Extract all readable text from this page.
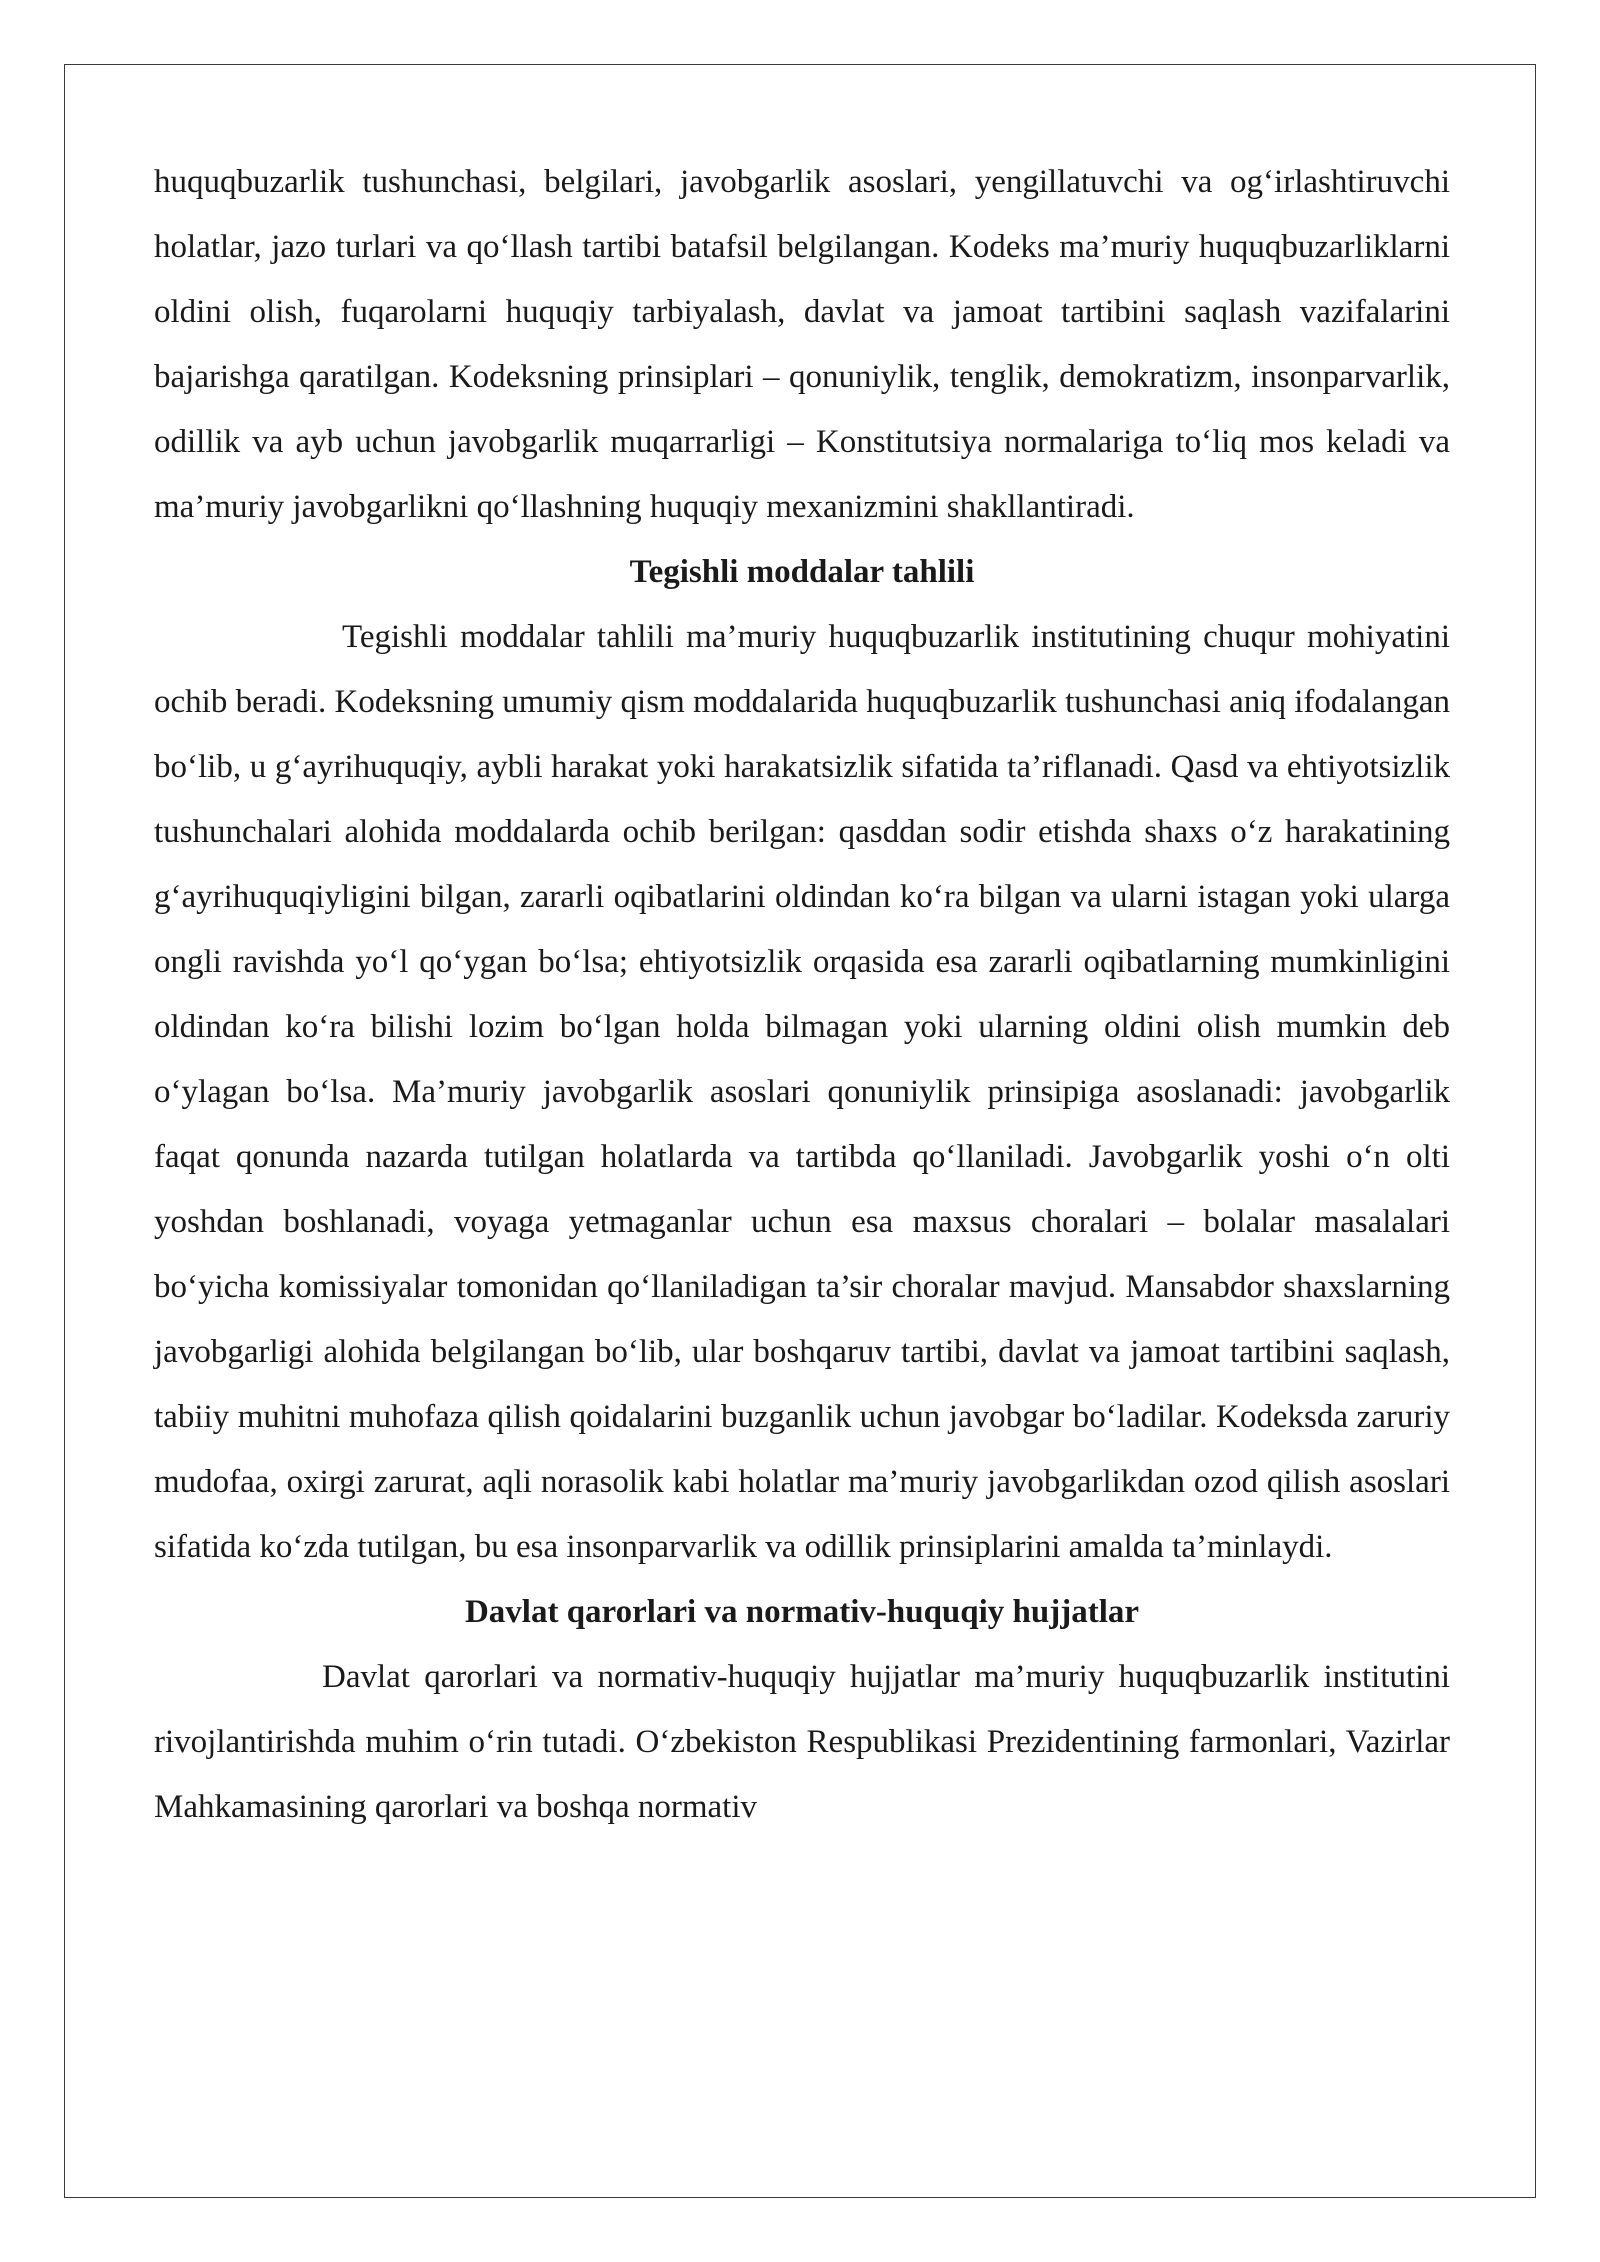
huquqbuzarlik tushunchasi, belgilari, javobgarlik asoslari, yengillatuvchi va og‘irlashtiruvchi holatlar, jazo turlari va qo‘llash tartibi batafsil belgilangan. Kodeks ma’muriy huquqbuzarliklarni oldini olish, fuqarolarni huquqiy tarbiyalash, davlat va jamoat tartibini saqlash vazifalarini bajarishga qaratilgan. Kodeksning prinsiplari – qonuniylik, tenglik, demokratizm, insonparvarlik, odillik va ayb uchun javobgarlik muqarrarligi – Konstitutsiya normalariga to‘liq mos keladi va ma’muriy javobgarlikni qo‘llashning huquqiy mexanizmini shakllantiradi.

Tegishli moddalar tahlili

Tegishli moddalar tahlili ma’muriy huquqbuzarlik institutining chuqur mohiyatini ochib beradi. Kodeksning umumiy qism moddalarida huquqbuzarlik tushunchasi aniq ifodalangan bo‘lib, u g‘ayrihuquqiy, aybli harakat yoki harakatsizlik sifatida ta’riflanadi. Qasd va ehtiyotsizlik tushunchalari alohida moddalarda ochib berilgan: qasddan sodir etishda shaxs o‘z harakatining g‘ayrihuquqiyligini bilgan, zararli oqibatlarini oldindan ko‘ra bilgan va ularni istagan yoki ularga ongli ravishda yo‘l qo‘ygan bo‘lsa; ehtiyotsizlik orqasida esa zararli oqibatlarning mumkinligini oldindan ko‘ra bilishi lozim bo‘lgan holda bilmagan yoki ularning oldini olish mumkin deb o‘ylagan bo‘lsa. Ma’muriy javobgarlik asoslari qonuniylik prinsipiga asoslanadi: javobgarlik faqat qonunda nazarda tutilgan holatlarda va tartibda qo‘llaniladi. Javobgarlik yoshi o‘n olti yoshdan boshlanadi, voyaga yetmaganlar uchun esa maxsus choralari – bolalar masalalari bo‘yicha komissiyalar tomonidan qo‘llaniladigan ta’sir choralar mavjud. Mansabdor shaxslarning javobgarligi alohida belgilangan bo‘lib, ular boshqaruv tartibi, davlat va jamoat tartibini saqlash, tabiiy muhitni muhofaza qilish qoidalarini buzganlik uchun javobgar bo‘ladilar. Kodeksda zaruriy mudofaa, oxirgi zarurat, aqli norasolik kabi holatlar ma’muriy javobgarlikdan ozod qilish asoslari sifatida ko‘zda tutilgan, bu esa insonparvarlik va odillik prinsiplarini amalda ta’minlaydi.

Davlat qarorlari va normativ-huquqiy hujjatlar

Davlat qarorlari va normativ-huquqiy hujjatlar ma’muriy huquqbuzarlik institutini rivojlantirishda muhim o‘rin tutadi. O‘zbekiston Respublikasi Prezidentining farmonlari, Vazirlar Mahkamasining qarorlari va boshqa normativ
